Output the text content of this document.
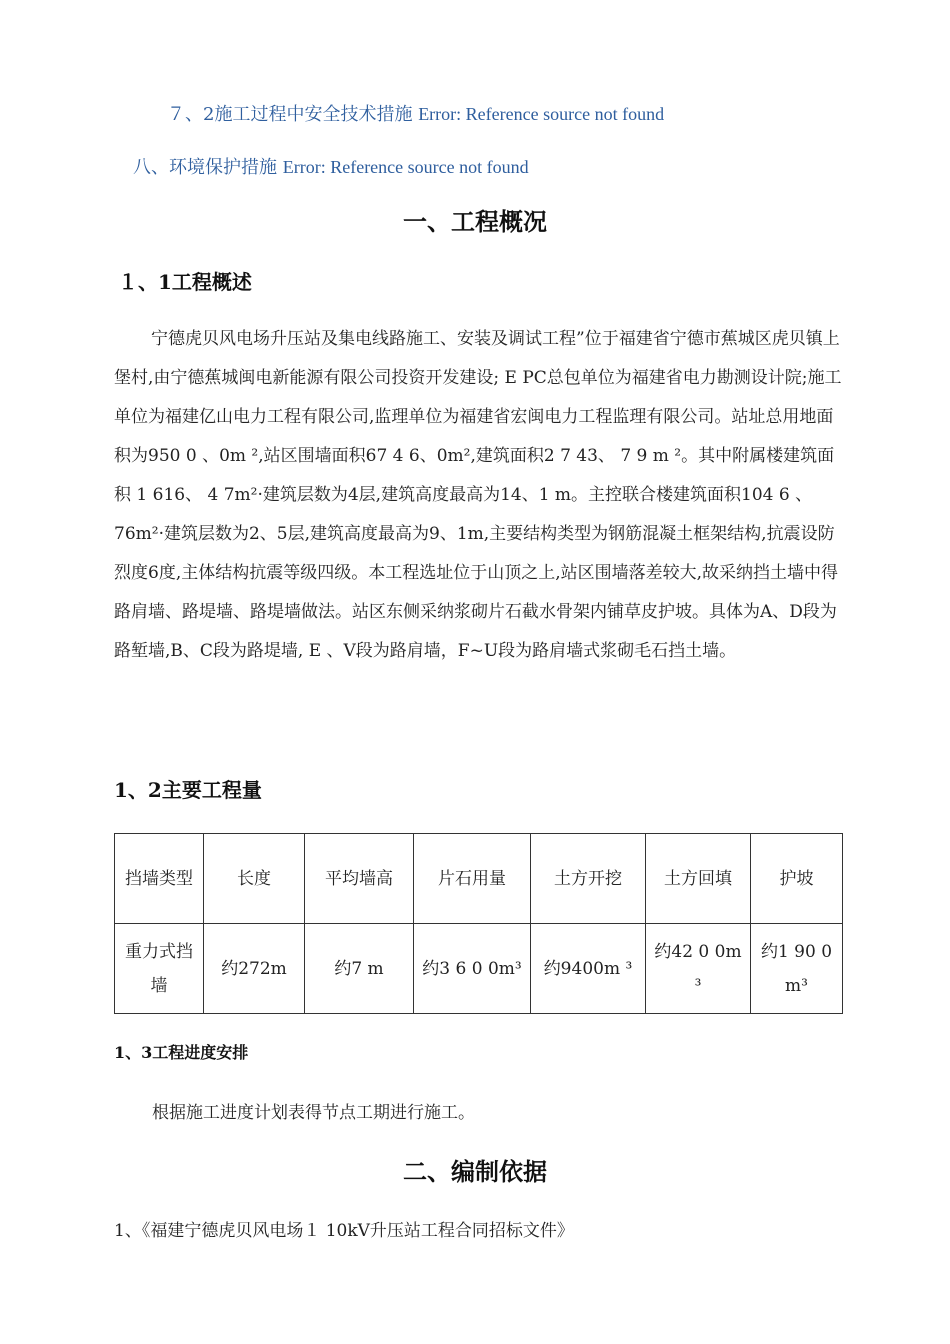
７、2施工过程中安全技术措施 Error: Reference source not found
八、环境保护措施 Error: Reference source not found
一、工程概况
１、1工程概述
宁德虎贝风电场升压站及集电线路施工、安装及调试工程”位于福建省宁德市蕉城区虎贝镇上堡村,由宁德蕉城闽电新能源有限公司投资开发建设; E PC总包单位为福建省电力勘测设计院;施工单位为福建亿山电力工程有限公司,监理单位为福建省宏闽电力工程监理有限公司。站址总用地面积为950 0 、0m ²,站区围墙面积67 4 6、0m²,建筑面积2 7 43、 7 9 m ²。其中附属楼建筑面积 1 616、 4 7m²·建筑层数为4层,建筑高度最高为14、1 m。主控联合楼建筑面积104 6 、76m²·建筑层数为2、5层,建筑高度最高为9、1m,主要结构类型为钢筋混凝土框架结构,抗震设防烈度6度,主体结构抗震等级四级。本工程选址位于山顶之上,站区围墙落差较大,故采纳挡土墙中得路肩墙、路堤墙、路堤墙做法。站区东侧采纳浆砌片石截水骨架内铺草皮护坡。具体为A、D段为路堑墙,B、C段为路堤墙, E 、V段为路肩墙，F~U段为路肩墙式浆砌毛石挡土墙。
1、2主要工程量
挡墙类型	长度	平均墙高	片石用量	土方开挖	土方回填	护坡
重力式挡墙	约272m	约7 m	约3 6 0 0m³	约9400m ³	约42 0 0m ³	约1 90 0 m³
1、3工程进度安排
根据施工进度计划表得节点工期进行施工。
二、编制依据
1、《福建宁德虎贝风电场１ 10kV升压站工程合同招标文件》
